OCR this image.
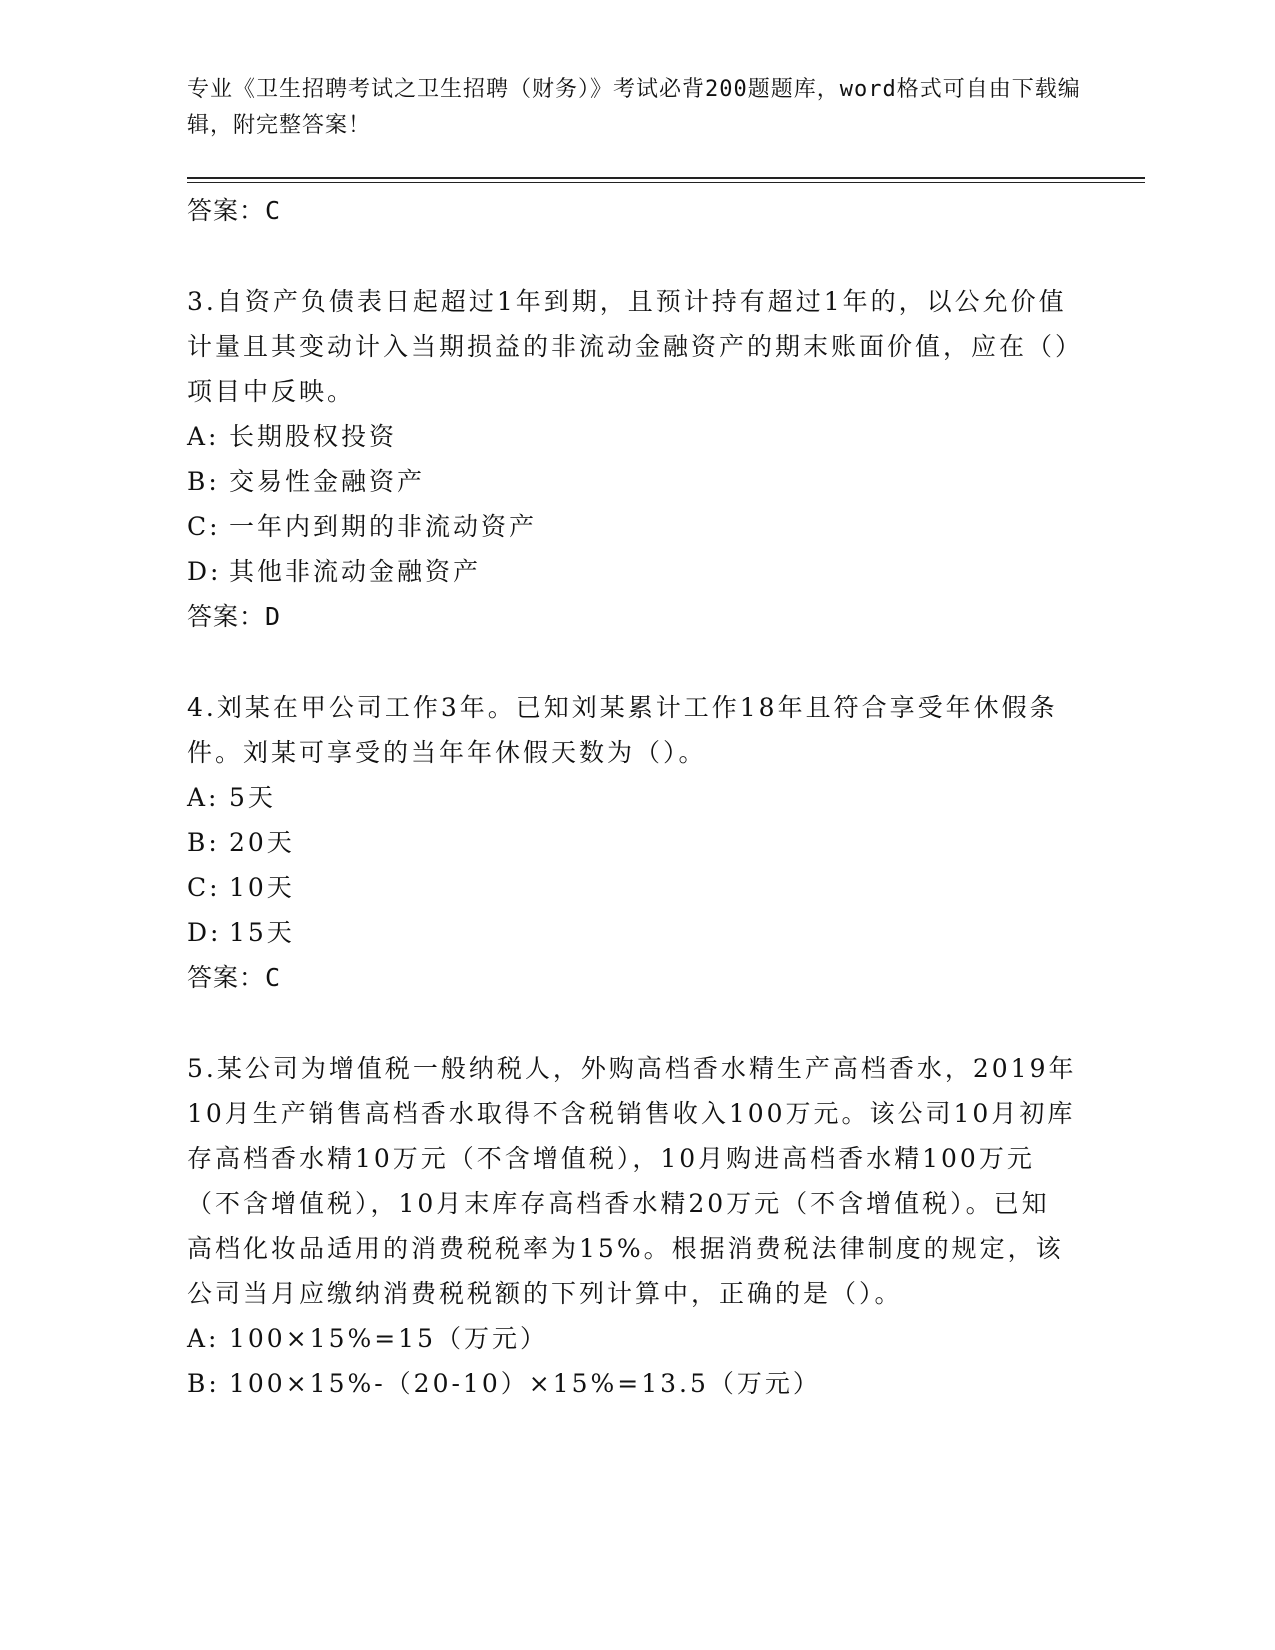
专业《卫生招聘考试之卫生招聘（财务）》考试必背200题题库，word格式可自由下载编辑，附完整答案！

答案：C

3.自资产负债表日起超过1年到期，且预计持有超过1年的，以公允价值计量且其变动计入当期损益的非流动金融资产的期末账面价值，应在（）项目中反映。

A: 长期股权投资

B: 交易性金融资产

C: 一年内到期的非流动资产

D: 其他非流动金融资产

答案：D

4.刘某在甲公司工作3年。已知刘某累计工作18年且符合享受年休假条件。刘某可享受的当年年休假天数为（）。

A: 5天

B: 20天

C: 10天

D: 15天

答案：C

5.某公司为增值税一般纳税人，外购高档香水精生产高档香水，2019年10月生产销售高档香水取得不含税销售收入100万元。该公司10月初库存高档香水精10万元（不含增值税），10月购进高档香水精100万元（不含增值税），10月末库存高档香水精20万元（不含增值税）。已知高档化妆品适用的消费税税率为15%。根据消费税法律制度的规定，该公司当月应缴纳消费税税额的下列计算中，正确的是（）。

A: 100×15%=15（万元）

B: 100×15%-（20-10）×15%=13.5（万元）
